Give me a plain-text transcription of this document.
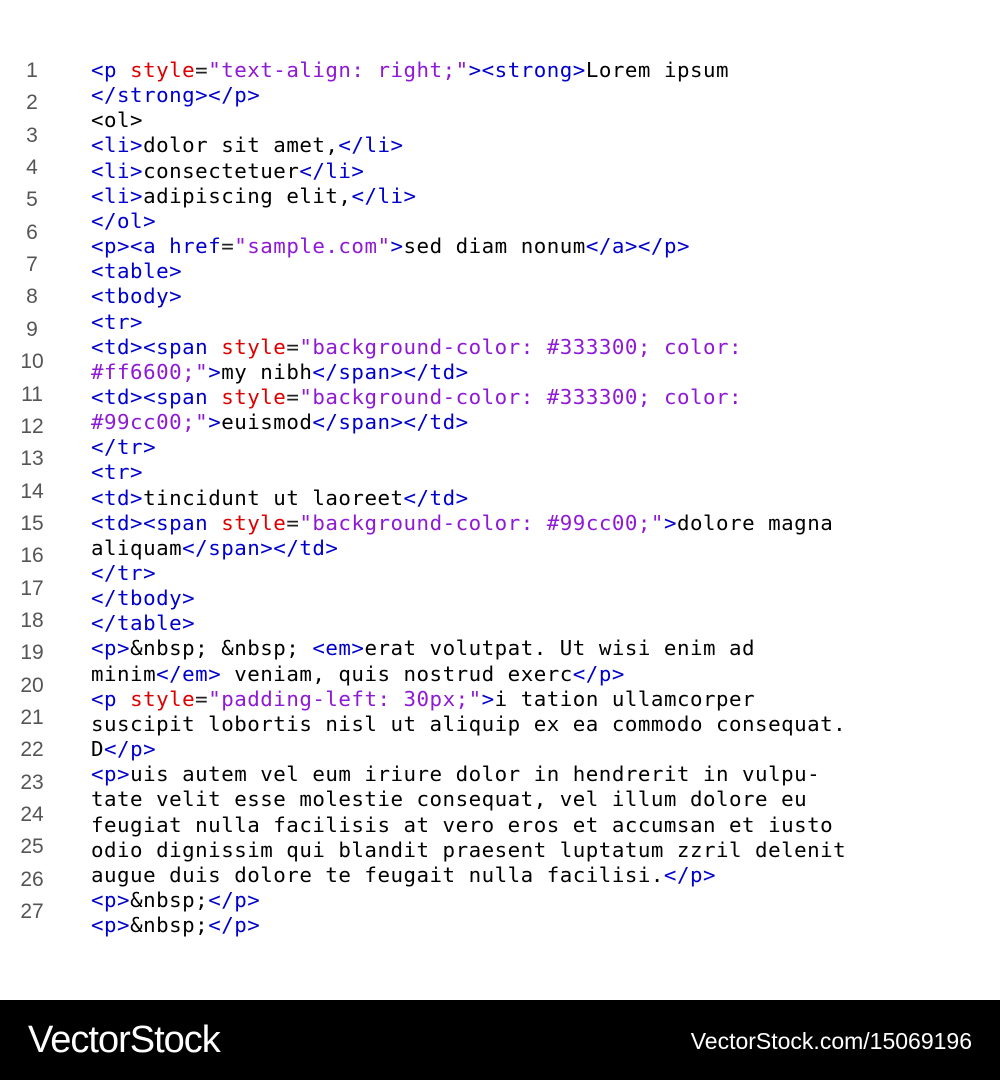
1
2
3
4
5
6
7
8
9
10
11
12
13
14
15
16
17
18
19
20
21
22
23
24
25
26
27
<p style="text-align: right;"><strong>Lorem ipsum
</strong></p>
<ol>
<li>dolor sit amet,</li>
<li>consectetuer</li>
<li>adipiscing elit,</li>
</ol>
<p><a href="sample.com">sed diam nonum</a></p>
<table>
<tbody>
<tr>
<td><span style="background-color: #333300; color:
#ff6600;">my nibh</span></td>
<td><span style="background-color: #333300; color:
#99cc00;">euismod</span></td>
</tr>
<tr>
<td>tincidunt ut laoreet</td>
<td><span style="background-color: #99cc00;">dolore magna
aliquam</span></td>
</tr>
</tbody>
</table>
<p>&nbsp; &nbsp; <em>erat volutpat. Ut wisi enim ad
minim</em> veniam, quis nostrud exerc</p>
<p style="padding-left: 30px;">i tation ullamcorper
suscipit lobortis nisl ut aliquip ex ea commodo consequat.
D</p>
<p>uis autem vel eum iriure dolor in hendrerit in vulpu-
tate velit esse molestie consequat, vel illum dolore eu
feugiat nulla facilisis at vero eros et accumsan et iusto
odio dignissim qui blandit praesent luptatum zzril delenit
augue duis dolore te feugait nulla facilisi.</p>
<p>&nbsp;</p>
<p>&nbsp;</p>
VectorStock	VectorStock.com/15069196
